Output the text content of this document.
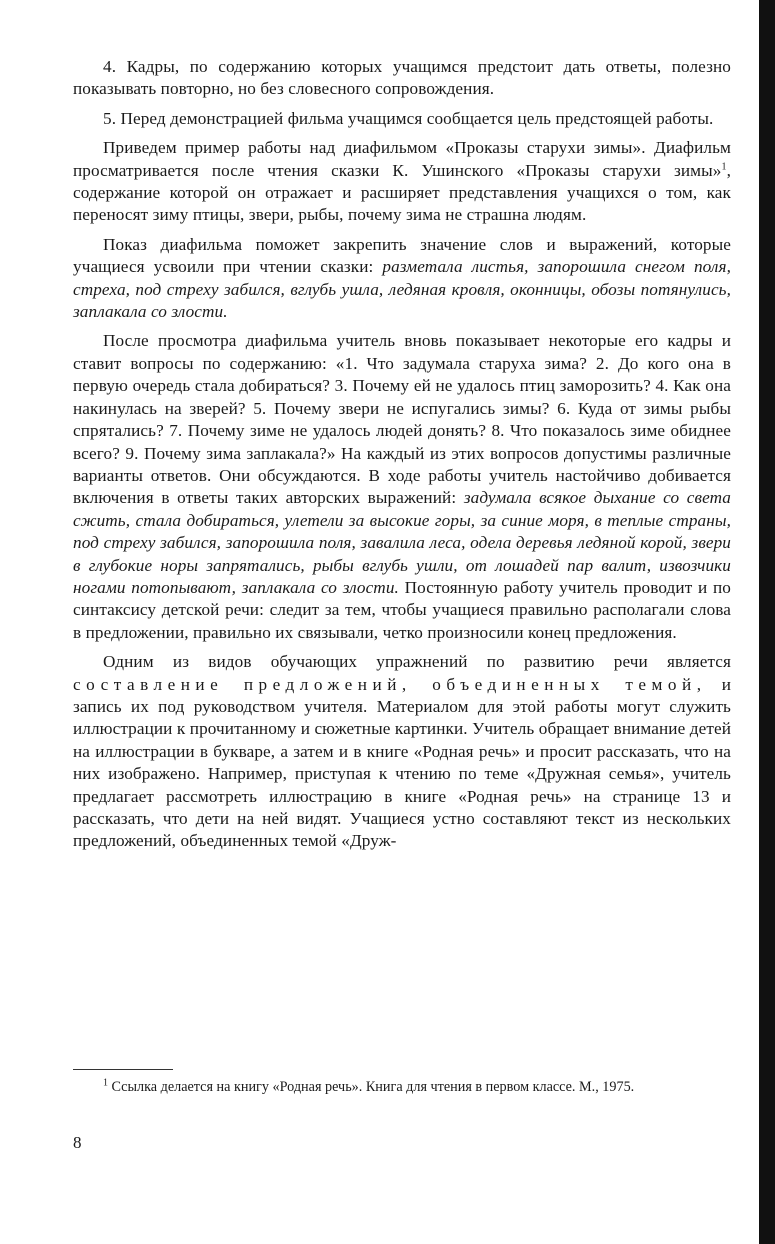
4. Кадры, по содержанию которых учащимся предстоит дать ответы, полезно показывать повторно, но без словесного сопровождения.

5. Перед демонстрацией фильма учащимся сообщается цель предстоящей работы.

Приведем пример работы над диафильмом «Проказы старухи зимы». Диафильм просматривается после чтения сказки К. Ушинского «Проказы старухи зимы»$^1$, содержание которой он отражает и расширяет представления учащихся о том, как переносят зиму птицы, звери, рыбы, почему зима не страшна людям.

Показ диафильма поможет закрепить значение слов и выражений, которые учащиеся усвоили при чтении сказки: разметала листья, запорошила снегом поля, стреха, под стреху забился, вглубь ушла, ледяная кровля, оконницы, обозы потянулись, заплакала со злости.

После просмотра диафильма учитель вновь показывает некоторые его кадры и ставит вопросы по содержанию: «1. Что задумала старуха зима? 2. До кого она в первую очередь стала добираться? 3. Почему ей не удалось птиц заморозить? 4. Как она накинулась на зверей? 5. Почему звери не испугались зимы? 6. Куда от зимы рыбы спрятались? 7. Почему зиме не удалось людей донять? 8. Что показалось зиме обиднее всего? 9. Почему зима заплакала?» На каждый из этих вопросов допустимы различные варианты ответов. Они обсуждаются. В ходе работы учитель настойчиво добивается включения в ответы таких авторских выражений: задумала всякое дыхание со света сжить, стала добираться, улетели за высокие горы, за синие моря, в теплые страны, под стреху забился, запорошила поля, завалила леса, одела деревья ледяной корой, звери в глубокие норы запрятались, рыбы вглубь ушли, от лошадей пар валит, извозчики ногами потопывают, заплакала со злости. Постоянную работу учитель проводит и по синтаксису детской речи: следит за тем, чтобы учащиеся правильно располагали слова в предложении, правильно их связывали, четко произносили конец предложения.

Одним из видов обучающих упражнений по развитию речи является составление предложений, объединенных темой, и запись их под руководством учителя. Материалом для этой работы могут служить иллюстрации к прочитанному и сюжетные картинки. Учитель обращает внимание детей на иллюстрации в букваре, а затем и в книге «Родная речь» и просит рассказать, что на них изображено. Например, приступая к чтению по теме «Дружная семья», учитель предлагает рассмотреть иллюстрацию в книге «Родная речь» на странице 13 и рассказать, что дети на ней видят. Учащиеся устно составляют текст из нескольких предложений, объединенных темой «Друж-

$^1$ Ссылка делается на книгу «Родная речь». Книга для чтения в первом классе. М., 1975.

8
